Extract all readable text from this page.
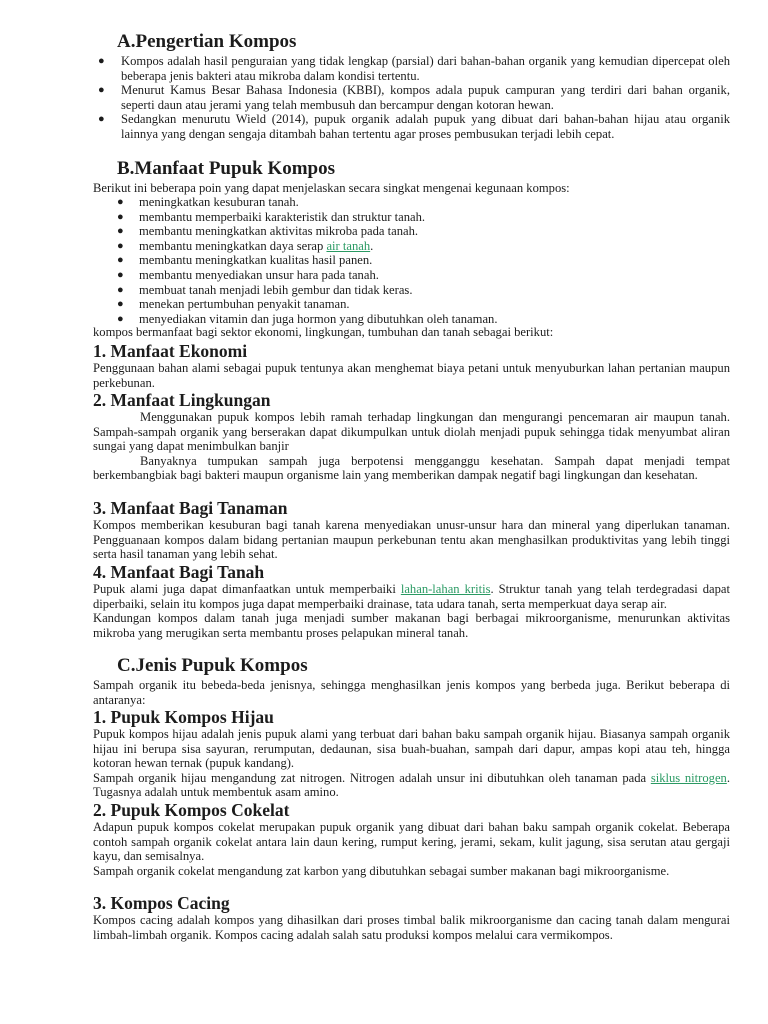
A.Pengertian Kompos
● Kompos adalah hasil penguraian yang tidak lengkap (parsial) dari bahan-bahan organik yang kemudian dipercepat oleh beberapa jenis bakteri atau mikroba dalam kondisi tertentu.
● Menurut Kamus Besar Bahasa Indonesia (KBBI), kompos adala pupuk campuran yang terdiri dari bahan organik, seperti daun atau jerami yang telah membusuh dan bercampur dengan kotoran hewan.
● Sedangkan menurutu Wield (2014), pupuk organik adalah pupuk yang dibuat dari bahan-bahan hijau atau organik lainnya yang dengan sengaja ditambah bahan tertentu agar proses pembusukan terjadi lebih cepat.
B.Manfaat Pupuk Kompos

Berikut ini beberapa poin yang dapat menjelaskan secara singkat mengenai kegunaan kompos:

● meningkatkan kesuburan tanah.
● membantu memperbaiki karakteristik dan struktur tanah.
● membantu meningkatkan aktivitas mikroba pada tanah.
● membantu meningkatkan daya serap air tanah.
● membantu meningkatkan kualitas hasil panen.
● membantu menyediakan unsur hara pada tanah.
● membuat tanah menjadi lebih gembur dan tidak keras.
● menekan pertumbuhan penyakit tanaman.
● menyediakan vitamin dan juga hormon yang dibutuhkan oleh tanaman.

kompos bermanfaat bagi sektor ekonomi, lingkungan, tumbuhan dan tanah sebagai berikut:

1. Manfaat Ekonomi

Penggunaan bahan alami sebagai pupuk tentunya akan menghemat biaya petani untuk menyuburkan lahan pertanian maupun perkebunan.

2. Manfaat Lingkungan

Menggunakan pupuk kompos lebih ramah terhadap lingkungan dan mengurangi pencemaran air maupun tanah. Sampah-sampah organik yang berserakan dapat dikumpulkan untuk diolah menjadi pupuk sehingga tidak menyumbat aliran sungai yang dapat menimbulkan banjir

Banyaknya tumpukan sampah juga berpotensi mengganggu kesehatan. Sampah dapat menjadi tempat berkembangbiak bagi bakteri maupun organisme lain yang memberikan dampak negatif bagi lingkungan dan kesehatan.

3. Manfaat Bagi Tanaman

Kompos memberikan kesuburan bagi tanah karena menyediakan unusr-unsur hara dan mineral yang diperlukan tanaman. Pengguanaan kompos dalam bidang pertanian maupun perkebunan tentu akan menghasilkan produktivitas yang lebih tinggi serta hasil tanaman yang lebih sehat.

4. Manfaat Bagi Tanah

Pupuk alami juga dapat dimanfaatkan untuk memperbaiki lahan-lahan kritis. Struktur tanah yang telah terdegradasi dapat diperbaiki, selain itu kompos juga dapat memperbaiki drainase, tata udara tanah, serta memperkuat daya serap air.

Kandungan kompos dalam tanah juga menjadi sumber makanan bagi berbagai mikroorganisme, menurunkan aktivitas mikroba yang merugikan serta membantu proses pelapukan mineral tanah.

C.Jenis Pupuk Kompos

Sampah organik itu bebeda-beda jenisnya, sehingga menghasilkan jenis kompos yang berbeda juga. Berikut beberapa di antaranya:

1. Pupuk Kompos Hijau

Pupuk kompos hijau adalah jenis pupuk alami yang terbuat dari bahan baku sampah organik hijau. Biasanya sampah organik hijau ini berupa sisa sayuran, rerumputan, dedaunan, sisa buah-buahan, sampah dari dapur, ampas kopi atau teh, hingga kotoran hewan ternak (pupuk kandang).

Sampah organik hijau mengandung zat nitrogen. Nitrogen adalah unsur ini dibutuhkan oleh tanaman pada siklus nitrogen. Tugasnya adalah untuk membentuk asam amino.

2. Pupuk Kompos Cokelat

Adapun pupuk kompos cokelat merupakan pupuk organik yang dibuat dari bahan baku sampah organik cokelat. Beberapa contoh sampah organik cokelat antara lain daun kering, rumput kering, jerami, sekam, kulit jagung, sisa serutan atau gergaji kayu, dan semisalnya.

Sampah organik cokelat mengandung zat karbon yang dibutuhkan sebagai sumber makanan bagi mikroorganisme.

3. Kompos Cacing

Kompos cacing adalah kompos yang dihasilkan dari proses timbal balik mikroorganisme dan cacing tanah dalam mengurai limbah-limbah organik. Kompos cacing adalah salah satu produksi kompos melalui cara vermikompos.
